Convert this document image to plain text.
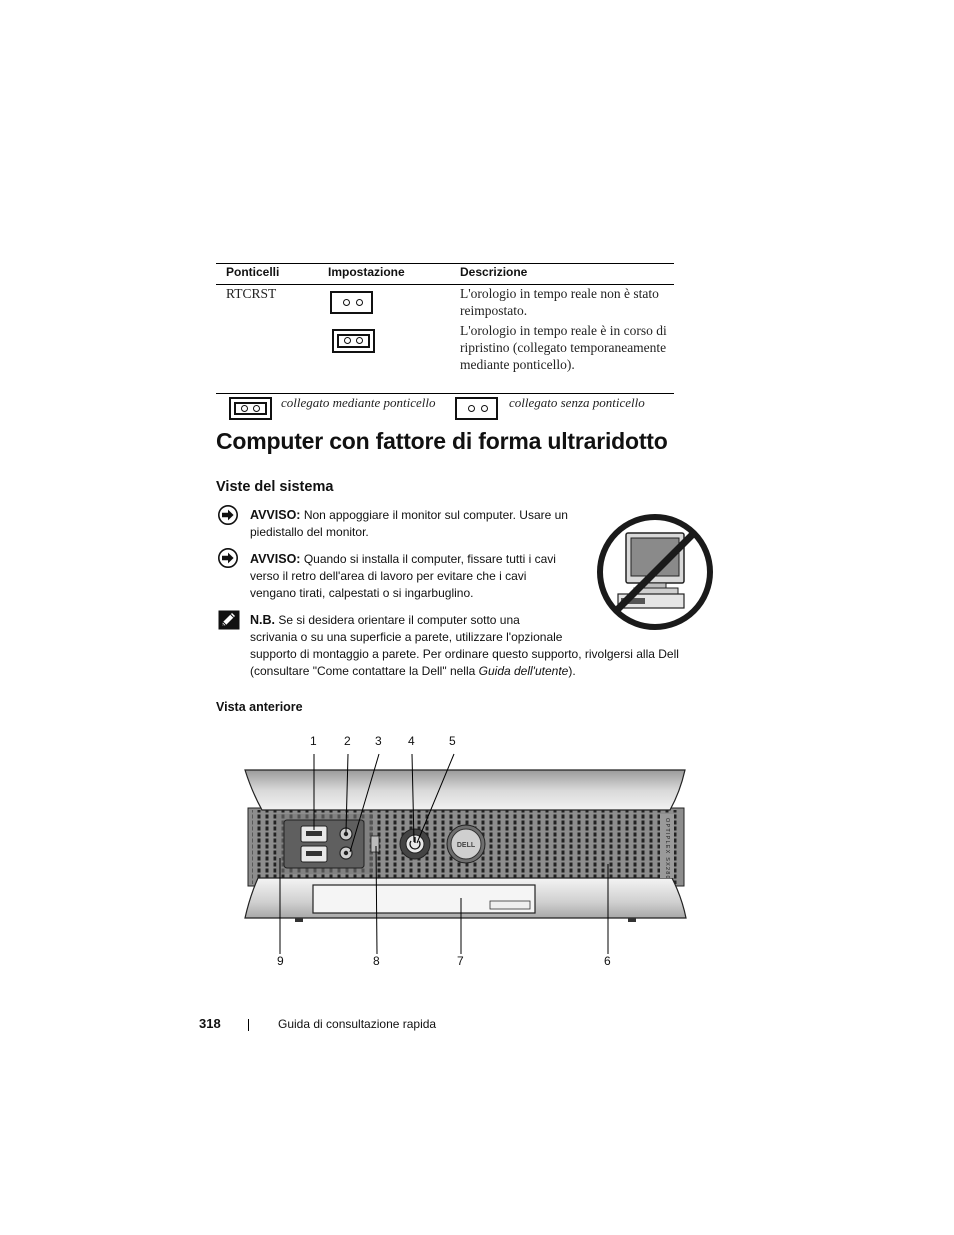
Ponticelli	Impostazione	Descrizione
RTCRST	L'orologio in tempo reale non è stato reimpostato.
L'orologio in tempo reale è in corso di ripristino (collegato temporaneamente mediante ponticello).
collegato mediante ponticello	collegato senza ponticello
Computer con fattore di forma ultraridotto
Viste del sistema
AVVISO: Non appoggiare il monitor sul computer. Usare un
piedistallo del monitor.
AVVISO: Quando si installa il computer, fissare tutti i cavi
verso il retro dell'area di lavoro per evitare che i cavi
vengano tirati, calpestati o si ingarbuglino.
N.B. Se si desidera orientare il computer sotto una
scrivania o su una superficie a parete, utilizzare l'opzionale
supporto di montaggio a parete. Per ordinare questo supporto, rivolgersi alla Dell
(consultare "Come contattare la Dell" nella Guida dell'utente).
Vista anteriore
1 2 3 4	5
9	8	7	6
DELL	OPTIPLEX SX280
318	Guida di consultazione rapida
